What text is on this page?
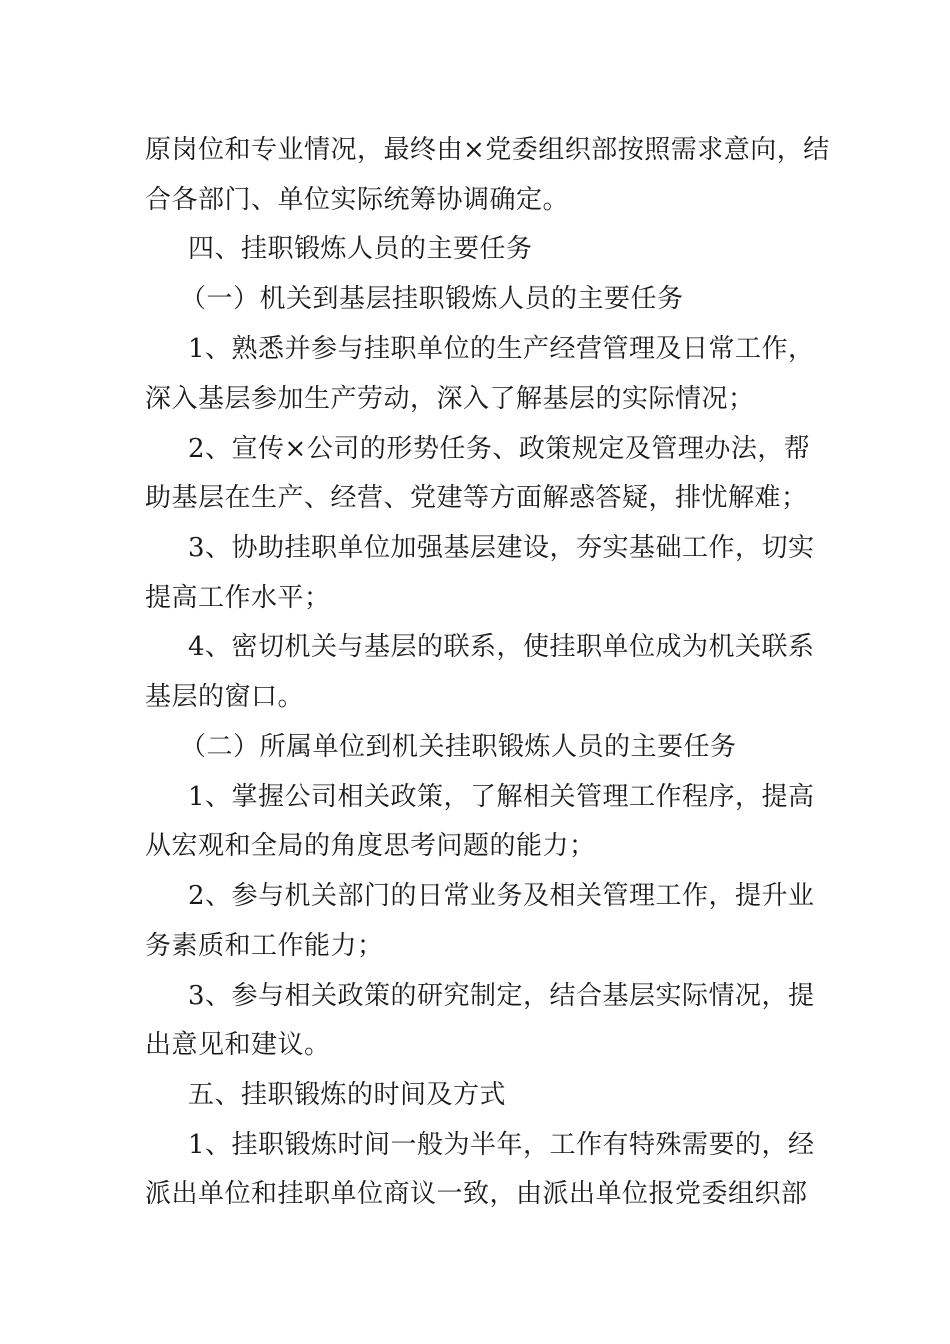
原岗位和专业情况，最终由×党委组织部按照需求意向，结
合各部门、单位实际统筹协调确定。
四、挂职锻炼人员的主要任务
（一）机关到基层挂职锻炼人员的主要任务
1、熟悉并参与挂职单位的生产经营管理及日常工作，
深入基层参加生产劳动，深入了解基层的实际情况；
2、宣传×公司的形势任务、政策规定及管理办法，帮
助基层在生产、经营、党建等方面解惑答疑，排忧解难；
3、协助挂职单位加强基层建设，夯实基础工作，切实
提高工作水平；
4、密切机关与基层的联系，使挂职单位成为机关联系
基层的窗口。
（二）所属单位到机关挂职锻炼人员的主要任务
1、掌握公司相关政策，了解相关管理工作程序，提高
从宏观和全局的角度思考问题的能力；
2、参与机关部门的日常业务及相关管理工作，提升业
务素质和工作能力；
3、参与相关政策的研究制定，结合基层实际情况，提
出意见和建议。
五、挂职锻炼的时间及方式
1、挂职锻炼时间一般为半年，工作有特殊需要的，经
派出单位和挂职单位商议一致，由派出单位报党委组织部
